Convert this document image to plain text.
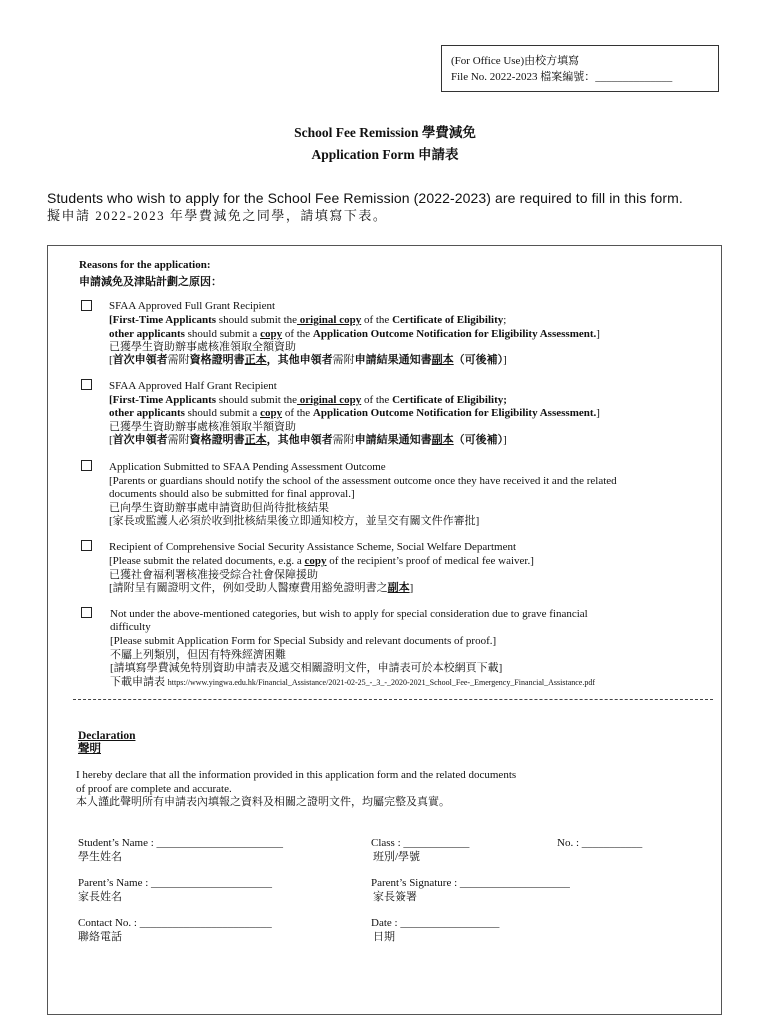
(For Office Use)由校方填寫
File No. 2022-2023 檔案編號：______________
School Fee Remission 學費減免
Application Form 申請表
Students who wish to apply for the School Fee Remission (2022-2023) are required to fill in this form.
擬申請 2022-2023 年學費減免之同學，請填寫下表。
Reasons for the application:
申請減免及津貼計劃之原因：
SFAA Approved Full Grant Recipient
[First-Time Applicants should submit the original copy of the Certificate of Eligibility;
other applicants should submit a copy of the Application Outcome Notification for Eligibility Assessment.]
已獲學生資助辦事處核准領取全額資助
[首次申領者需附資格證明書正本，其他申領者需附申請結果通知書副本（可後補）]
SFAA Approved Half Grant Recipient
[First-Time Applicants should submit the original copy of the Certificate of Eligibility;
other applicants should submit a copy of the Application Outcome Notification for Eligibility Assessment.]
已獲學生資助辦事處核准領取半額資助
[首次申領者需附資格證明書正本，其他申領者需附申請結果通知書副本（可後補）]
Application Submitted to SFAA Pending Assessment Outcome
[Parents or guardians should notify the school of the assessment outcome once they have received it and the related
documents should also be submitted for final approval.]
已向學生資助辦事處申請資助但尚待批核結果
[家長或監護人必須於收到批核結果後立即通知校方，並呈交有關文件作審批]
Recipient of Comprehensive Social Security Assistance Scheme, Social Welfare Department
[Please submit the related documents, e.g. a copy of the recipient’s proof of medical fee waiver.]
已獲社會福利署核准接受綜合社會保障援助
[請附呈有關證明文件，例如受助人醫療費用豁免證明書之副本]
Not under the above-mentioned categories, but wish to apply for special consideration due to grave financial
difficulty
[Please submit Application Form for Special Subsidy and relevant documents of proof.]
不屬上列類別，但因有特殊經濟困難
[請填寫學費減免特別資助申請表及遞交相關證明文件，申請表可於本校網頁下載]
下載申請表 https://www.yingwa.edu.hk/Financial_Assistance/2021-02-25_-_3_-_2020-2021_School_Fee-_Emergency_Financial_Assistance.pdf
Declaration
聲明
I hereby declare that all the information provided in this application form and the related documents
of proof are complete and accurate.
本人謹此聲明所有申請表內填報之資料及相關之證明文件，均屬完整及真實。
Student’s Name : _______________________
學生姓名
Class : ____________
班別/學號
No. : ___________
Parent’s Name : ______________________
家長姓名
Parent’s Signature : ____________________
家長簽署
Contact No. : ________________________
聯絡電話
Date : __________________
日期
